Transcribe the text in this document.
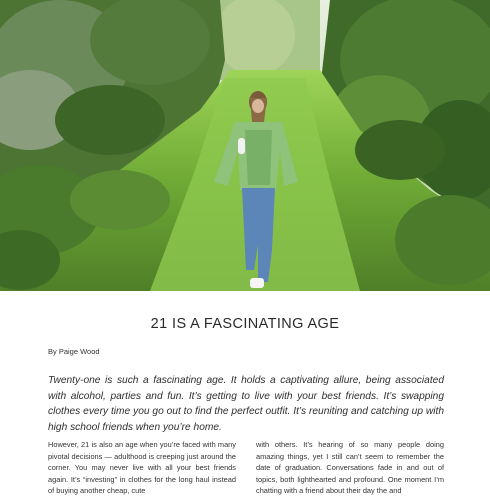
21 IS A FASCINATING AGE
By Paige Wood

Twenty-one is such a fascinating age. It holds a captivating allure, being associated with alcohol, parties and fun. It’s getting to live with your best friends. It’s swapping clothes every time you go out to find the perfect outfit. It’s reuniting and catching up with high school friends when you’re home.

However, 21 is also an age when you’re faced with many pivotal decisions — adulthood is creeping just around the corner. You may never live with all your best friends again. It’s “investing” in clothes for the long haul instead of buying another cheap, cute

with others. It’s hearing of so many people doing amazing things, yet I still can’t seem to remember the date of graduation. Conversations fade in and out of topics, both lighthearted and profound. One moment I’m chatting with a friend about their day the and
